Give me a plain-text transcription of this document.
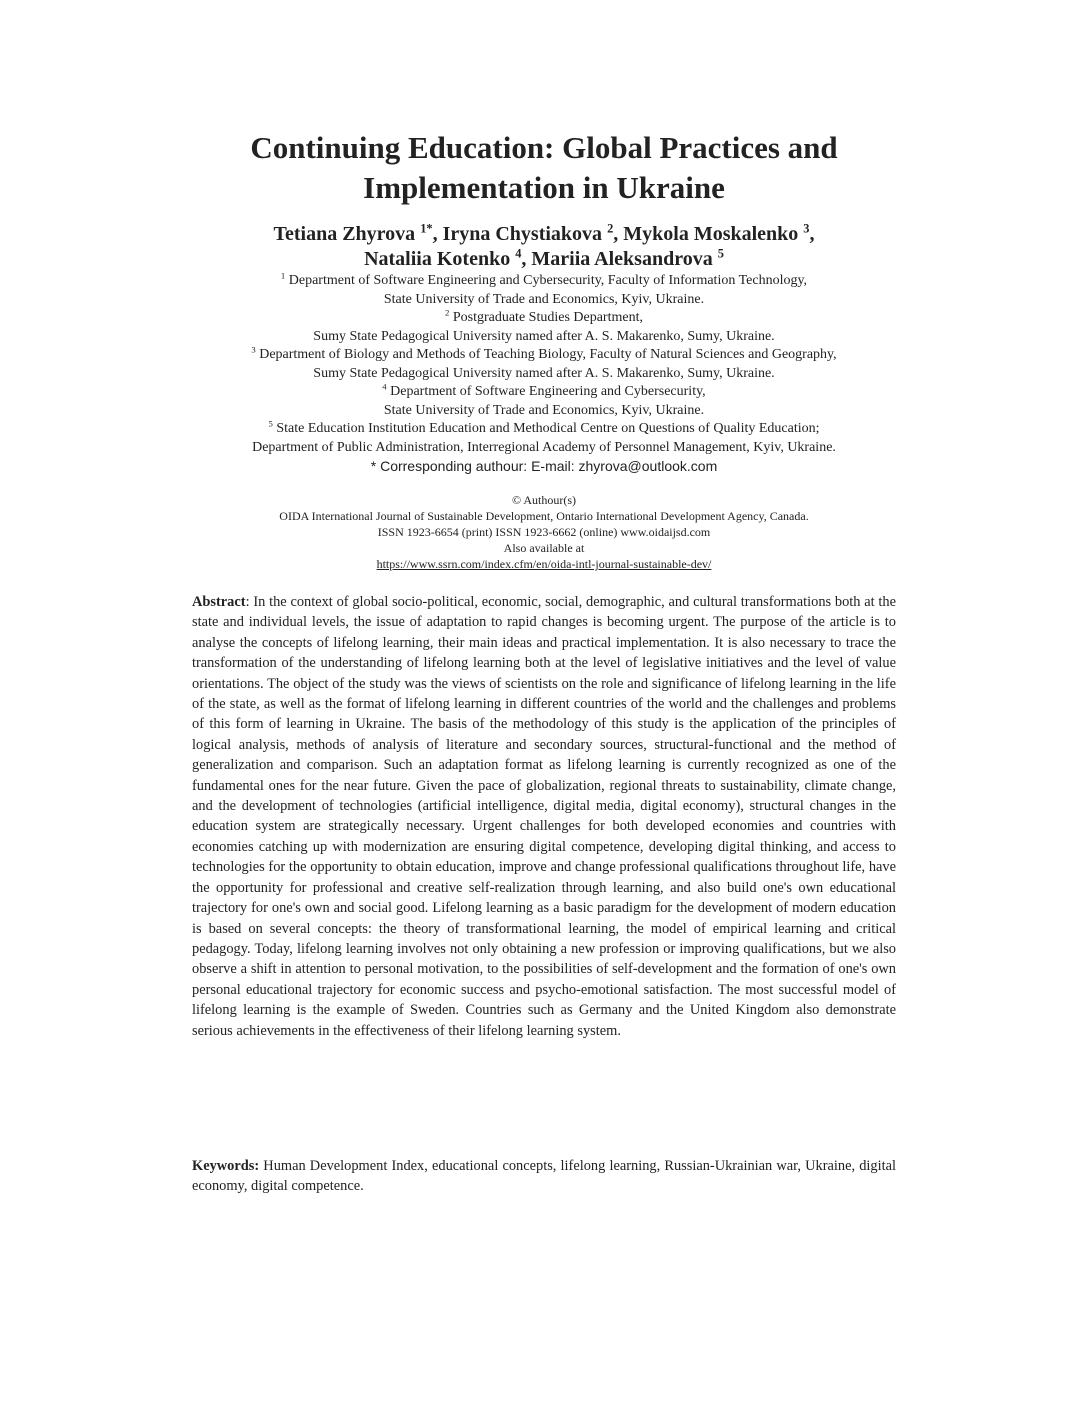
Continuing Education: Global Practices and
Implementation in Ukraine
Tetiana Zhyrova $^{1*}$, Iryna Chystiakova $^2$, Mykola Moskalenko $^3$,
Nataliia Kotenko $^4$, Mariia Aleksandrova $^5$
$^1$ Department of Software Engineering and Cybersecurity, Faculty of Information Technology,
State University of Trade and Economics, Kyiv, Ukraine.
$^2$ Postgraduate Studies Department,
Sumy State Pedagogical University named after A. S. Makarenko, Sumy, Ukraine.
$^3$ Department of Biology and Methods of Teaching Biology, Faculty of Natural Sciences and Geography,
Sumy State Pedagogical University named after A. S. Makarenko, Sumy, Ukraine.
$^4$ Department of Software Engineering and Cybersecurity,
State University of Trade and Economics, Kyiv, Ukraine.
$^5$ State Education Institution Education and Methodical Centre on Questions of Quality Education;
Department of Public Administration, Interregional Academy of Personnel Management, Kyiv, Ukraine.
* Corresponding authour: E-mail: zhyrova@outlook.com
© Authour(s)
OIDA International Journal of Sustainable Development, Ontario International Development Agency, Canada.
ISSN 1923-6654 (print) ISSN 1923-6662 (online) www.oidaijsd.com
Also available at
https://www.ssrn.com/index.cfm/en/oida-intl-journal-sustainable-dev/

Abstract: In the context of global socio-political, economic, social, demographic, and cultural transformations both at the state and individual levels, the issue of adaptation to rapid changes is becoming urgent. The purpose of the article is to analyse the concepts of lifelong learning, their main ideas and practical implementation. It is also necessary to trace the transformation of the understanding of lifelong learning both at the level of legislative initiatives and the level of value orientations. The object of the study was the views of scientists on the role and significance of lifelong learning in the life of the state, as well as the format of lifelong learning in different countries of the world and the challenges and problems of this form of learning in Ukraine. The basis of the methodology of this study is the application of the principles of logical analysis, methods of analysis of literature and secondary sources, structural-functional and the method of generalization and comparison. Such an adaptation format as lifelong learning is currently recognized as one of the fundamental ones for the near future. Given the pace of globalization, regional threats to sustainability, climate change, and the development of technologies (artificial intelligence, digital media, digital economy), structural changes in the education system are strategically necessary. Urgent challenges for both developed economies and countries with economies catching up with modernization are ensuring digital competence, developing digital thinking, and access to technologies for the opportunity to obtain education, improve and change professional qualifications throughout life, have the opportunity for professional and creative self-realization through learning, and also build one's own educational trajectory for one's own and social good. Lifelong learning as a basic paradigm for the development of modern education is based on several concepts: the theory of transformational learning, the model of empirical learning and critical pedagogy. Today, lifelong learning involves not only obtaining a new profession or improving qualifications, but we also observe a shift in attention to personal motivation, to the possibilities of self-development and the formation of one's own personal educational trajectory for economic success and psycho-emotional satisfaction. The most successful model of lifelong learning is the example of Sweden. Countries such as Germany and the United Kingdom also demonstrate serious achievements in the effectiveness of their lifelong learning system.

Keywords: Human Development Index, educational concepts, lifelong learning, Russian-Ukrainian war, Ukraine, digital economy, digital competence.
